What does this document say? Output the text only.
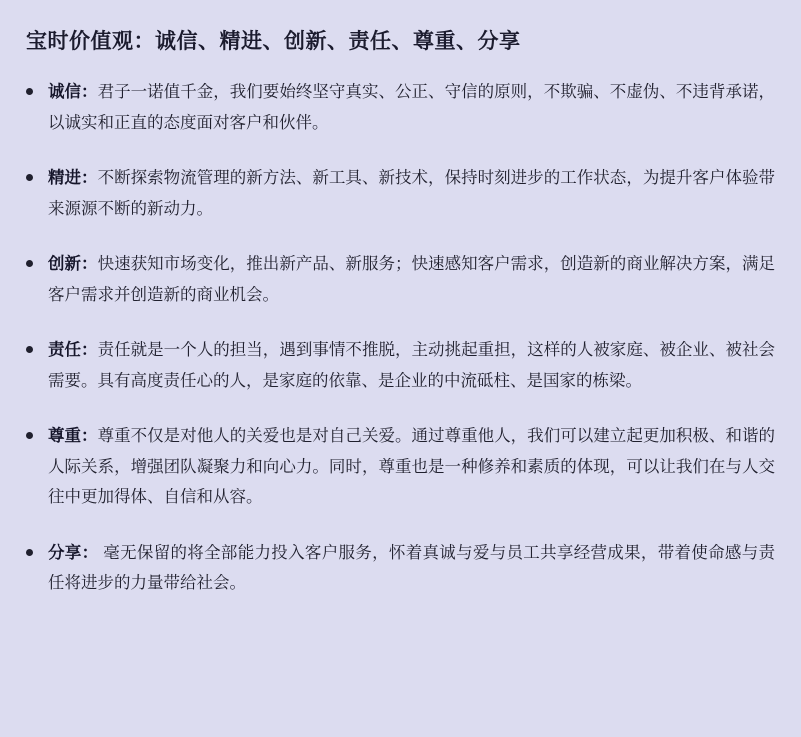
宝时价值观：诚信、精进、创新、责任、尊重、分享
诚信：君子一诺值千金，我们要始终坚守真实、公正、守信的原则，不欺骗、不虚伪、不违背承诺，以诚实和正直的态度面对客户和伙伴。
精进：不断探索物流管理的新方法、新工具、新技术，保持时刻进步的工作状态，为提升客户体验带来源源不断的新动力。
创新：快速获知市场变化，推出新产品、新服务；快速感知客户需求，创造新的商业解决方案，满足客户需求并创造新的商业机会。
责任：责任就是一个人的担当，遇到事情不推脱，主动挑起重担，这样的人被家庭、被企业、被社会需要。具有高度责任心的人，是家庭的依靠、是企业的中流砥柱、是国家的栋梁。
尊重：尊重不仅是对他人的关爱也是对自己关爱。通过尊重他人，我们可以建立起更加积极、和谐的人际关系，增强团队凝聚力和向心力。同时，尊重也是一种修养和素质的体现，可以让我们在与人交往中更加得体、自信和从容。
分享： 毫无保留的将全部能力投入客户服务，怀着真诚与爱与员工共享经营成果，带着使命感与责任将进步的力量带给社会。
